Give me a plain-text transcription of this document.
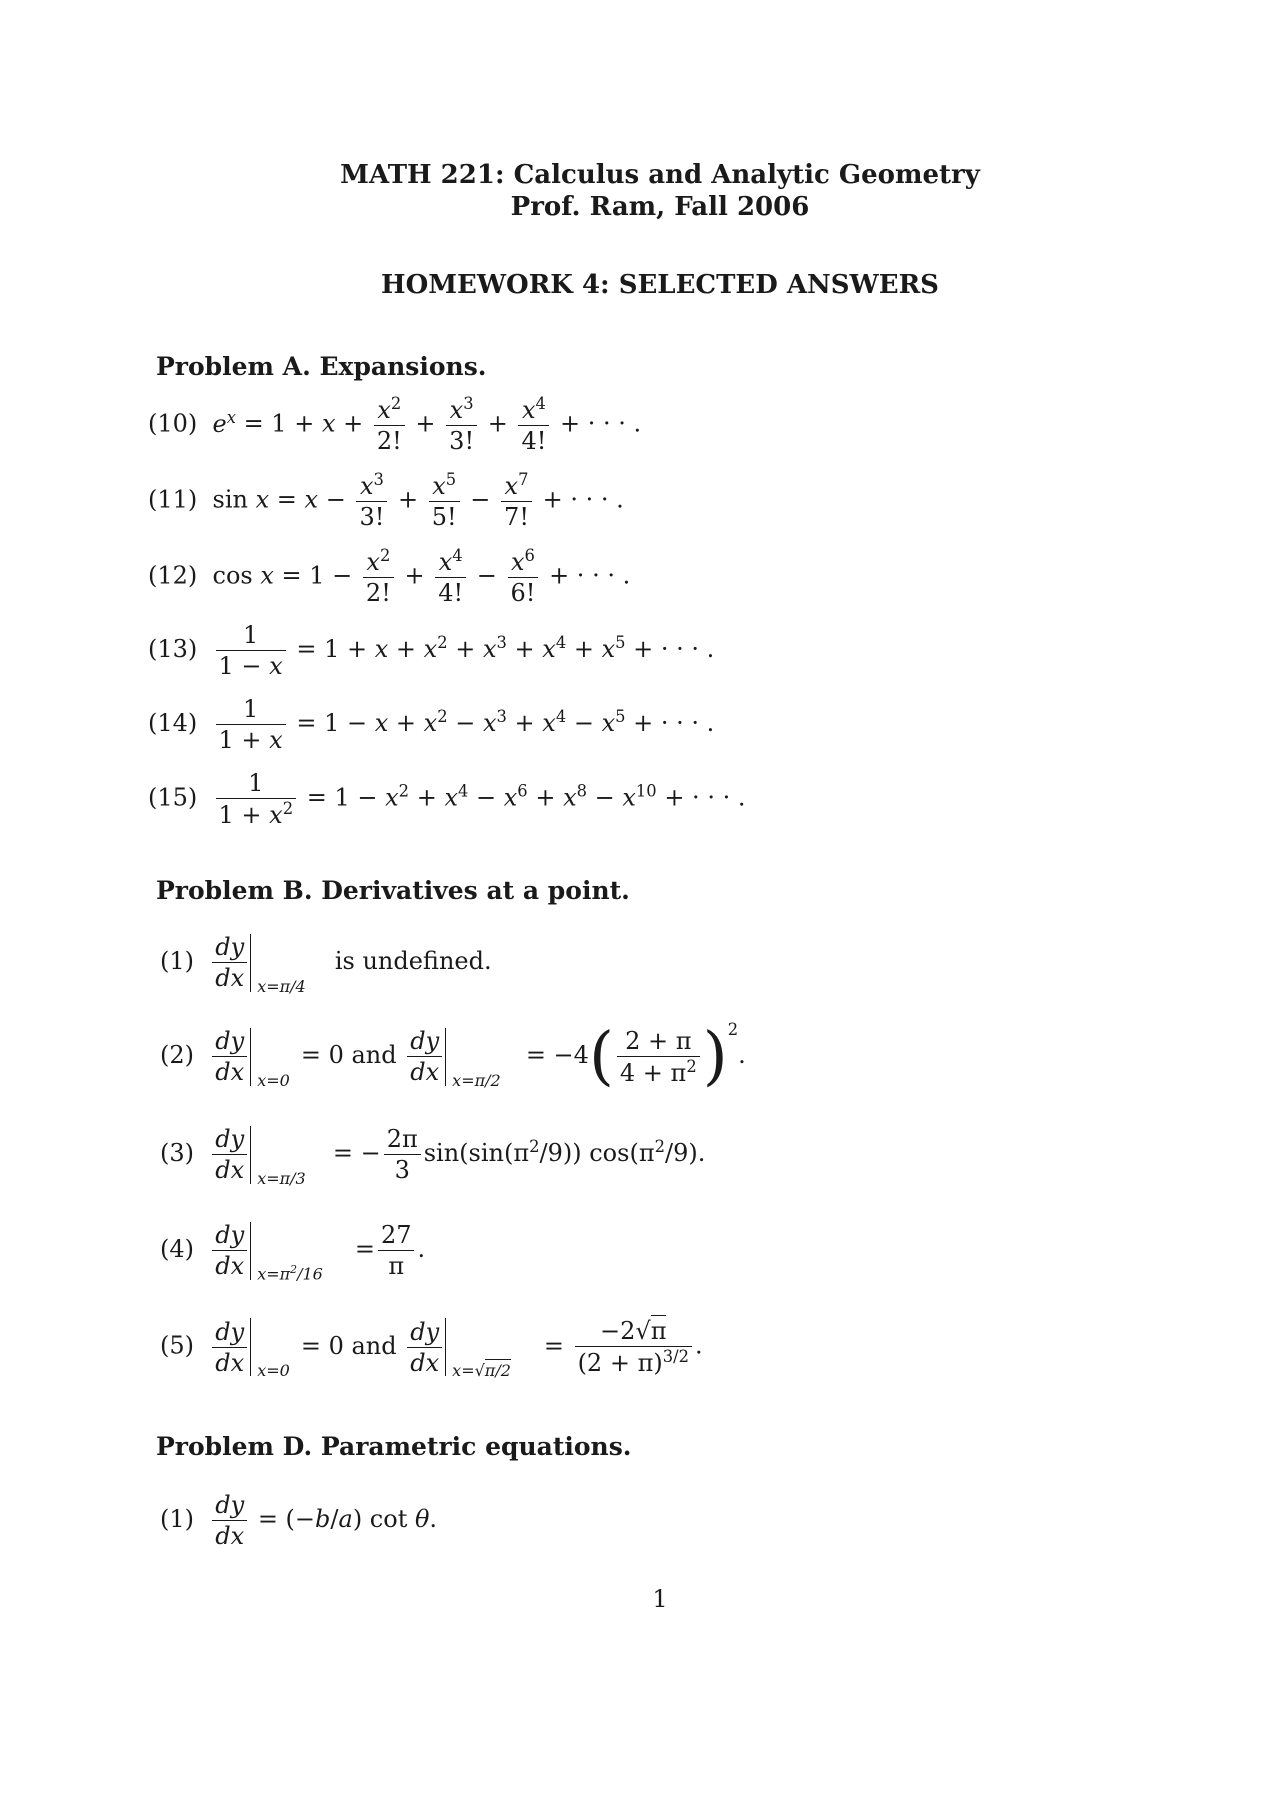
MATH 221: Calculus and Analytic Geometry
Prof. Ram, Fall 2006
HOMEWORK 4: SELECTED ANSWERS
Problem A. Expansions.
(10) $e^x = 1 + x + \frac{x^2}{2!} + \frac{x^3}{3!} + \frac{x^4}{4!}$ + · · · .
(11)  $\sin x = x - \frac{x^3}{3!} + \frac{x^5}{5!} - \frac{x^7}{7!}$ + · · · .
(12)  $\cos x = 1 - \frac{x^2}{2!} + \frac{x^4}{4!} - \frac{x^6}{6!}$ + · · · .
$(13) \frac{1}{1 - x} = 1 + x + x^2 + x^3 + x^4 + x^5$ + · · · .
$(14) \frac{1}{1 + x} = 1 - x + x^2 - x^3 + x^4 - x^5$ + · · · .
$(15) \frac{1}{1 + x^2} = 1 - x^2 + x^4 - x^6 + x^8 - x^{10}$ + · · · .
Problem B. Derivatives at a point.
$(1) \frac{dy}{dx} x=\pi/4$
is undefined.
$(2) \frac{dy}{dx} x=0$
= 0 and $\frac{dy}{dx} x=\pi/2$
= $-4( \frac{2 + \pi}{4 + \pi^2} )^2$.
$(3) \frac{dy}{dx} x=\pi/3$
= − $\frac{2\pi}{3} \sin(\sin(\pi^2/9))$ $\cos(\pi^2/9)$.
$(4) \frac{dy}{dx} x=\pi^2/16$
= $\frac{27}{\pi}$ .
$(5) \frac{dy}{dx} x=0$
= 0 and $\frac{dy}{dx} x=√\pi/2$
= $\frac{-2√\pi}{(2 + \pi)^{3/2}}$ .
Problem D. Parametric equations.
$(1) \frac{dy}{dx} = (-b/a)$ cot θ.
1
